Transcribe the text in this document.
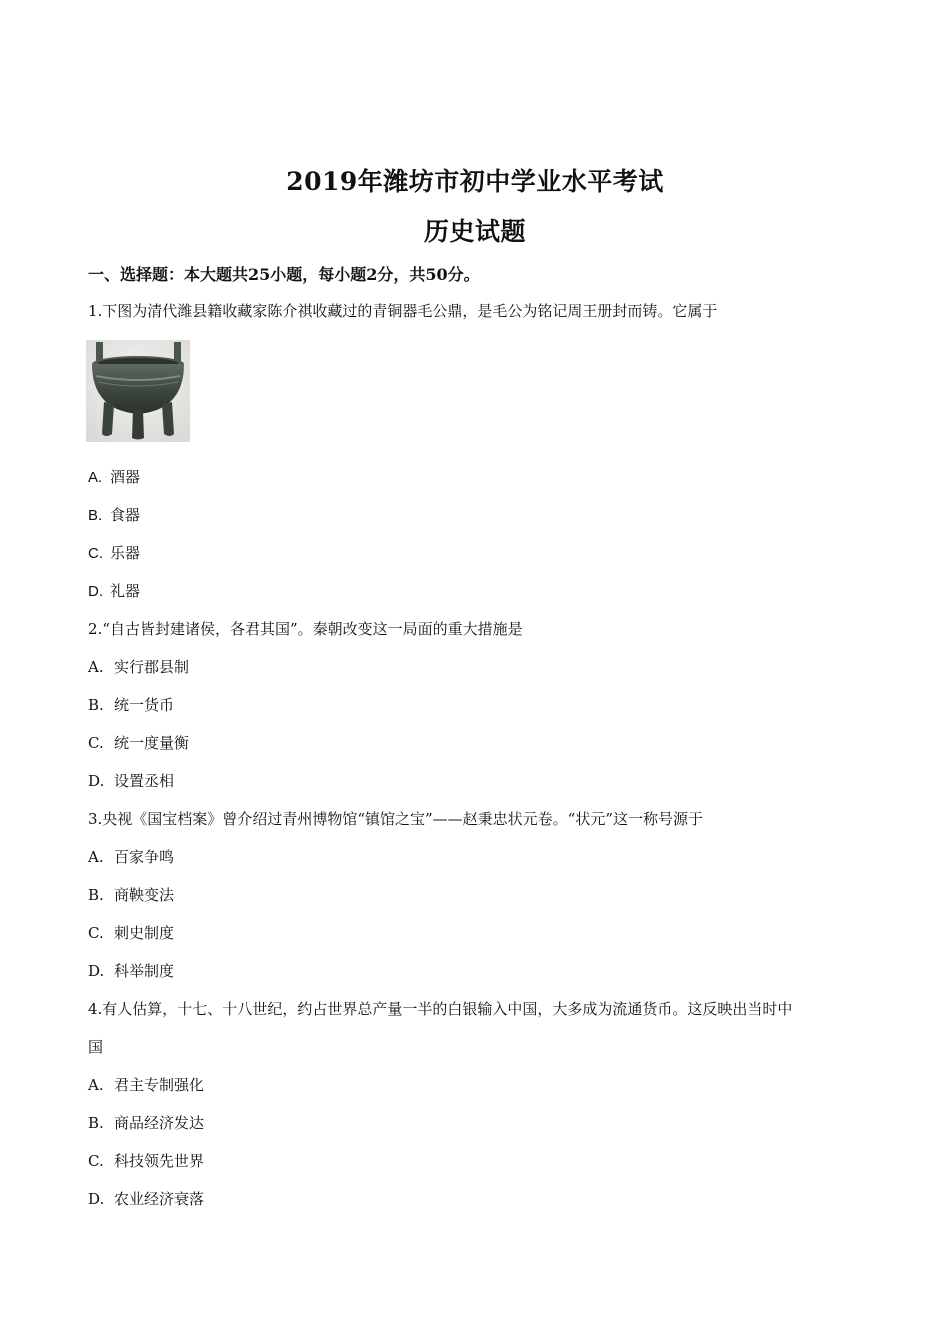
2019年潍坊市初中学业水平考试
历史试题
一、选择题：本大题共25小题，每小题2分，共50分。
1.下图为清代潍县籍收藏家陈介祺收藏过的青铜器毛公鼎，是毛公为铭记周王册封而铸。它属于
A. 酒器
B. 食器
C. 乐器
D. 礼器
2.“自古皆封建诸侯，各君其国”。秦朝改变这一局面的重大措施是
A. 实行郡县制
B. 统一货币
C. 统一度量衡
D. 设置丞相
3.央视《国宝档案》曾介绍过青州博物馆“镇馆之宝”——赵秉忠状元卷。“状元”这一称号源于
A. 百家争鸣
B. 商鞅变法
C. 刺史制度
D. 科举制度
4.有人估算，十七、十八世纪，约占世界总产量一半的白银输入中国，大多成为流通货币。这反映出当时中
国
A. 君主专制强化
B. 商品经济发达
C. 科技领先世界
D. 农业经济衰落
